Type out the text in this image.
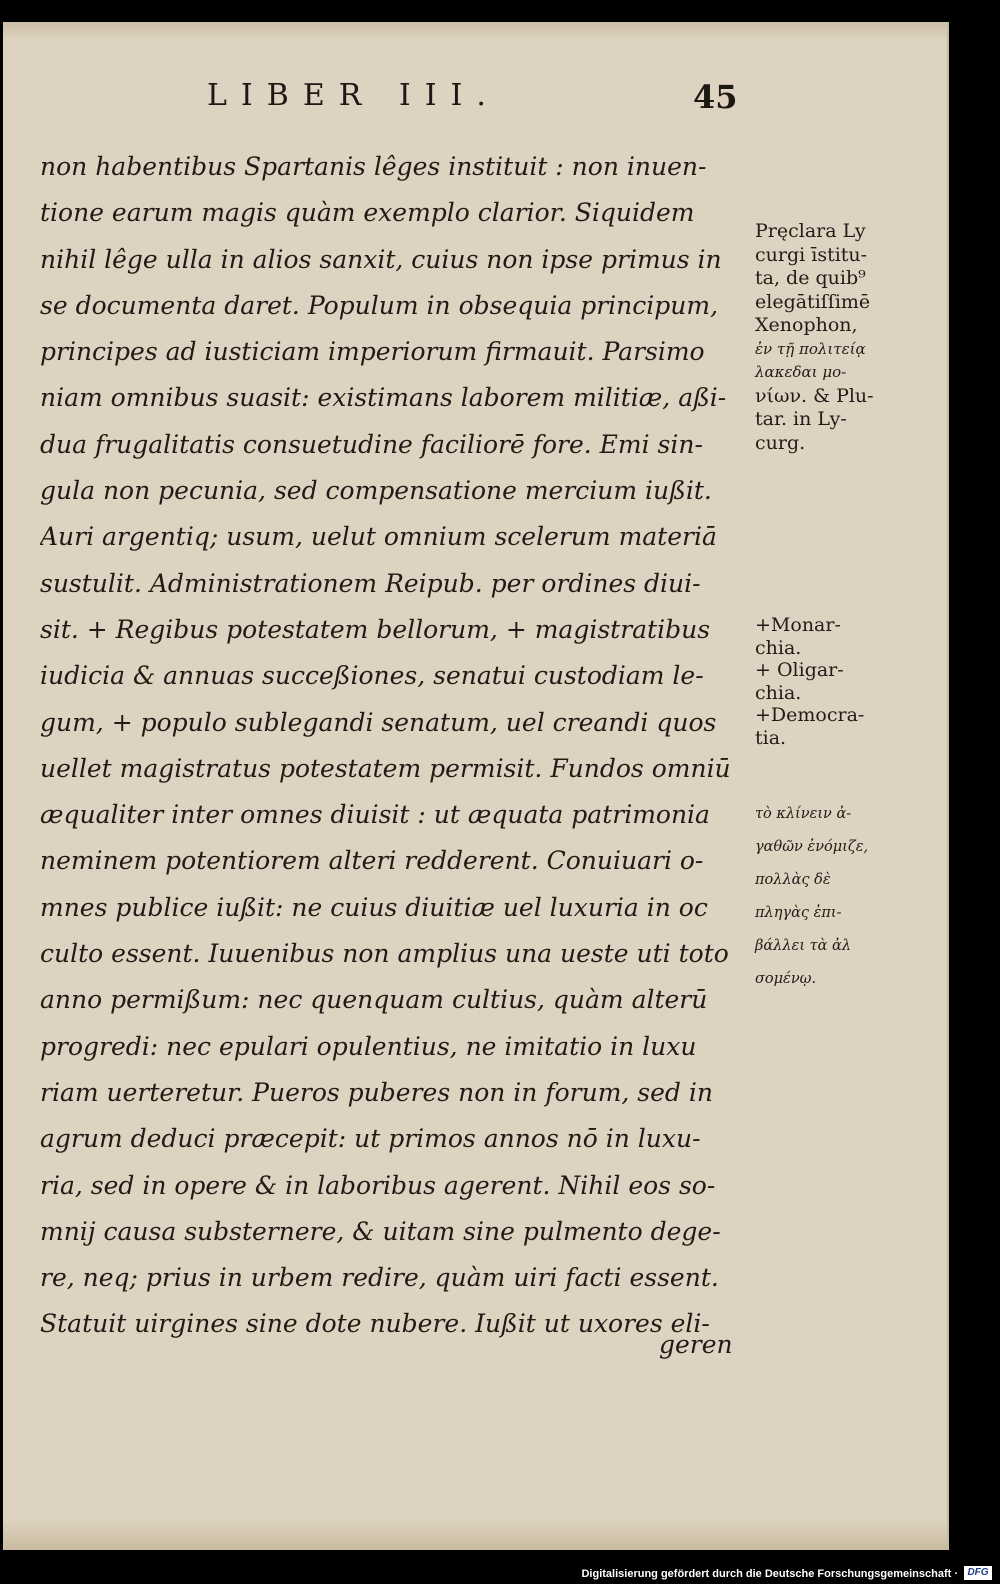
LIBER III.	45
non habentibus Spartanis lêges instituit : non inuen-
tione earum magis quàm exemplo clarior. Siquidem
nihil lêge ulla in alios sanxit, cuius non ipse primus in
se documenta daret. Populum in obsequia principum,
principes ad iusticiam imperiorum firmauit. Parsimo
niam omnibus suasit: existimans laborem militiæ, aßi-
dua frugalitatis consuetudine faciliorē fore. Emi sin-
gula non pecunia, sed compensatione mercium iußit.
Auri argentiq; usum, uelut omnium scelerum materiā
sustulit. Administrationem Reipub. per ordines diui-
sit. + Regibus potestatem bellorum, + magistratibus
iudicia & annuas succeßiones, senatui custodiam le-
gum, + populo sublegandi senatum, uel creandi quos
uellet magistratus potestatem permisit. Fundos omniū
æqualiter inter omnes diuisit : ut æquata patrimonia
neminem potentiorem alteri redderent. Conuiuari o-
mnes publice iußit: ne cuius diuitiæ uel luxuria in oc
culto essent. Iuuenibus non amplius una ueste uti toto
anno permißum: nec quenquam cultius, quàm alterū
progredi: nec epulari opulentius, ne imitatio in luxu
riam uerteretur. Pueros puberes non in forum, sed in
agrum deduci præcepit: ut primos annos nō in luxu-
ria, sed in opere & in laboribus agerent. Nihil eos so-
mnij causa substernere, & uitam sine pulmento dege-
re, neq; prius in urbem redire, quàm uiri facti essent.
Statuit uirgines sine dote nubere. Iußit ut uxores eli-
geren
Pręclara Ly
curgi īstitu-
ta, de quib⁹
elegātiſſimē
Xenophon,
ἐν τῇ πολιτείᾳ
λακεδαι μο-
νίων. & Plu-
tar. in Ly-
curg.
+Monar-
chia.
+ Oligar-
chia.
+Democra-
tia.
τὸ κλίνειν ἀ-
γαθῶν ἐνόμιζε,
πολλὰς δὲ
πληγὰς ἐπι-
βάλλει τὰ ἀλ
σομένῳ.
Digitalisierung gefördert durch die Deutsche Forschungsgemeinschaft · DFG
